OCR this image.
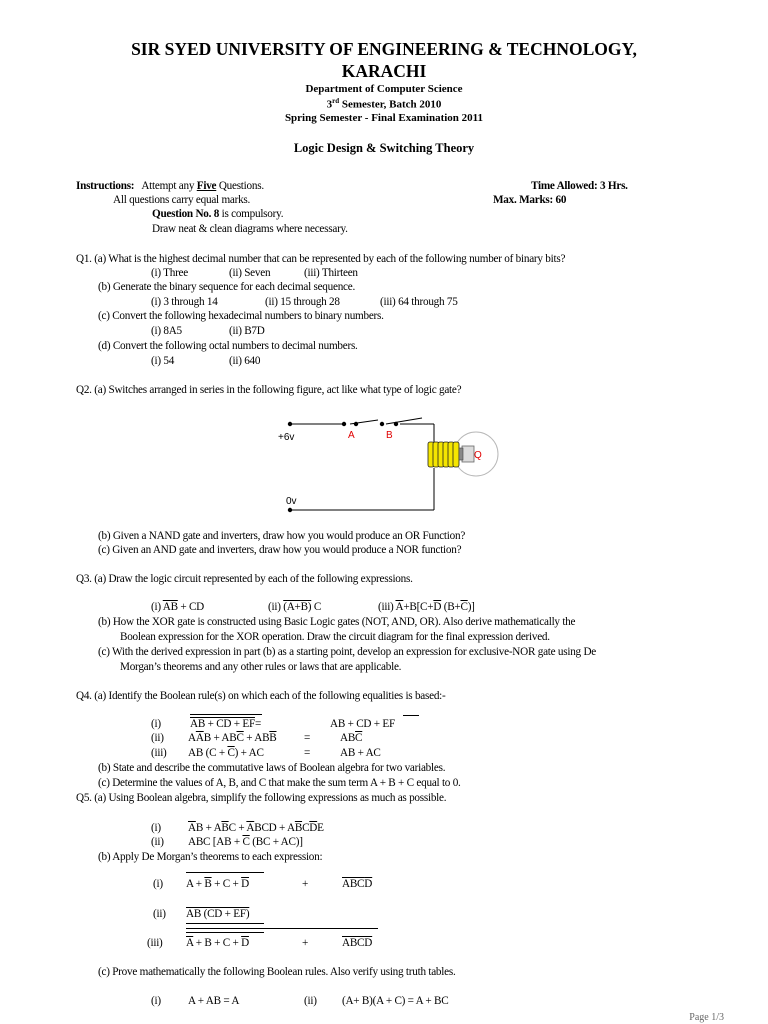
SIR SYED UNIVERSITY OF ENGINEERING & TECHNOLOGY,
KARACHI
Department of Computer Science
3rd Semester, Batch 2010
Spring Semester - Final Examination 2011
Logic Design & Switching Theory
Instructions: Attempt any Five Questions.	Time Allowed: 3 Hrs.
All questions carry equal marks.	Max. Marks: 60
Question No. 8 is compulsory.
Draw neat & clean diagrams where necessary.
Q1. (a) What is the highest decimal number that can be represented by each of the following number of binary bits?
(i) Three	(ii) Seven	(iii) Thirteen
(b) Generate the binary sequence for each decimal sequence.
(i) 3 through 14	(ii) 15 through 28	(iii) 64 through 75
(c) Convert the following hexadecimal numbers to binary numbers.
(i) 8A5	(ii) B7D
(d) Convert the following octal numbers to decimal numbers.
(i) 54	(ii) 640
Q2. (a) Switches arranged in series in the following figure, act like what type of logic gate?
+6v	A	B
0v
Q
(b) Given a NAND gate and inverters, draw how you would produce an OR Function?
(c) Given an AND gate and inverters, draw how you would produce a NOR function?
Q3. (a) Draw the logic circuit represented by each of the following expressions.
(i) $\overline{AB}$ + CD	(ii) (A+B) C	(iii) $\overline{A}+B[C+\overline{D}$ $(B+\overline{C})$]
(b) How the XOR gate is constructed using Basic Logic gates (NOT, AND, OR). Also derive mathematically the
Boolean expression for the XOR operation. Draw the circuit diagram for the final expression derived.
(c) With the derived expression in part (b) as a starting point, develop an expression for exclusive-NOR gate using De
Morgan’s theorems and any other rules or laws that are applicable.
Q4. (a) Identify the Boolean rule(s) on which each of the following equalities is based:-
(i)	AB + CD + EF=	AB + CD + EF
(ii) $A\overline{A}B + AB\overline{C} + AB\overline{B}$ =	$AB\overline{C}$
(iii) AB $(C + \overline{C})$ + AC	=	AB + AC
(b) State and describe the commutative laws of Boolean algebra for two variables.
(c) Determine the values of A, B, and C that make the sum term A + B + C equal to 0.
Q5. (a) Using Boolean algebra, simplify the following expressions as much as possible.
(i) $\overline{A}B + A\overline{B}C + \overline{A}BCD + A\overline{B}C\overline{D}E$
(ii) ABC [$AB + \overline{C}$ (BC + AC)]
(b) Apply De Morgan’s theorems to each expression:
(i) $A + \overline{B} + C + \overline{D}$	+	ABCD
(ii) AB (CD + EF)
(iii) $\overline{A} + B + C + \overline{D}$	+	ABCD
(c) Prove mathematically the following Boolean rules. Also verify using truth tables.
(i) A + AB = A	(ii) (A+ B)(A + C) = A + BC
Page 1/3
